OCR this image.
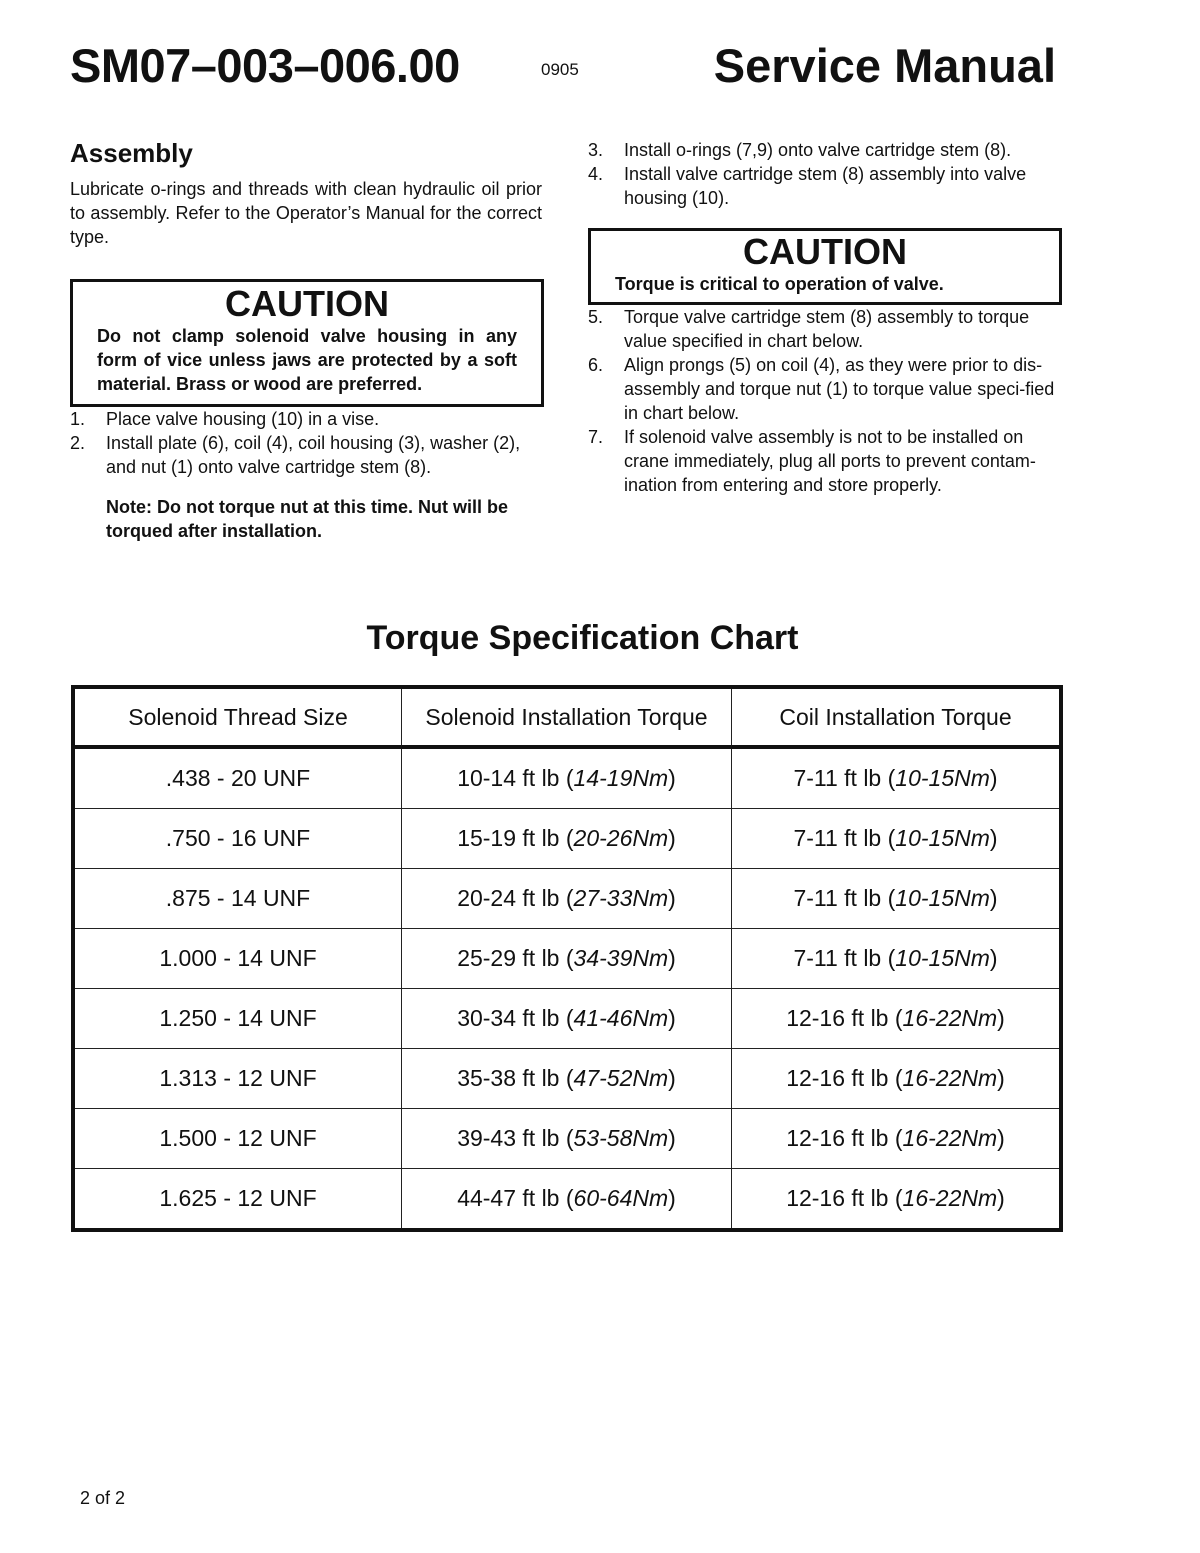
SM07–003–006.00	0905	Service Manual
Assembly

Lubricate o-rings and threads with clean hydraulic oil prior to assembly. Refer to the Operator’s Manual for the correct type.

CAUTION
Do not clamp solenoid valve housing in any form of vice unless jaws are protected by a soft material. Brass or wood are preferred.
1.	Place valve housing (10) in a vise.
2.	Install plate (6), coil (4), coil housing (3), washer (2), and nut (1) onto valve cartridge stem (8).

Note: Do not torque nut at this time. Nut will be torqued after installation.

3.	Install o-rings (7,9) onto valve cartridge stem (8).
4.	Install valve cartridge stem (8) assembly into valve housing (10).
CAUTION
Torque is critical to operation of valve.
5.	Torque valve cartridge stem (8) assembly to torque value specified in chart below.
6.	Align prongs (5) on coil (4), as they were prior to dis-assembly and torque nut (1) to torque value speci-fied in chart below.
7.	If solenoid valve assembly is not to be installed on crane immediately, plug all ports to prevent contam-ination from entering and store properly.
Torque Specification Chart
Solenoid Thread Size	Solenoid Installation Torque	Coil Installation Torque
.438 - 20 UNF	10-14 ft lb (14-19Nm)	7-11 ft lb (10-15Nm)
.750 - 16 UNF	15-19 ft lb (20-26Nm)	7-11 ft lb (10-15Nm)
.875 - 14 UNF	20-24 ft lb (27-33Nm)	7-11 ft lb (10-15Nm)
1.000 - 14 UNF	25-29 ft lb (34-39Nm)	7-11 ft lb (10-15Nm)
1.250 - 14 UNF	30-34 ft lb (41-46Nm)	12-16 ft lb (16-22Nm)
1.313 - 12 UNF	35-38 ft lb (47-52Nm)	12-16 ft lb (16-22Nm)
1.500 - 12 UNF	39-43 ft lb (53-58Nm)	12-16 ft lb (16-22Nm)
1.625 - 12 UNF	44-47 ft lb (60-64Nm)	12-16 ft lb (16-22Nm)
2 of 2
